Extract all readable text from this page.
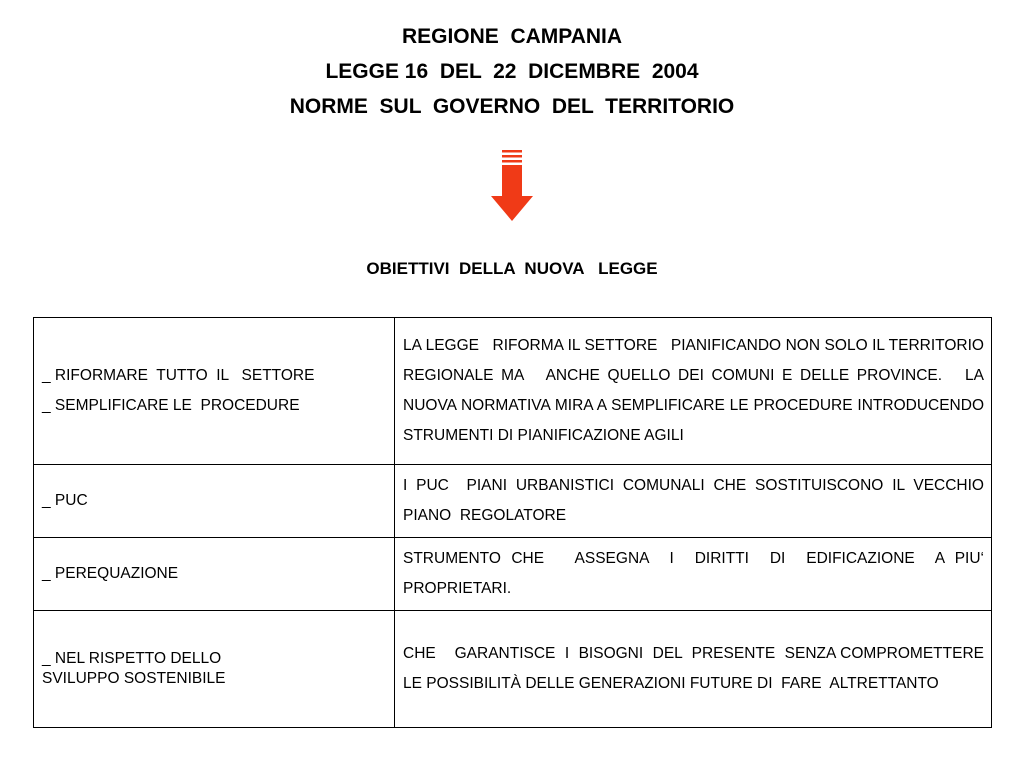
REGIONE  CAMPANIA
LEGGE 16  DEL  22  DICEMBRE  2004
NORME  SUL  GOVERNO  DEL  TERRITORIO
OBIETTIVI  DELLA  NUOVA   LEGGE
_ RIFORMARE  TUTTO  IL   SETTORE
_ SEMPLIFICARE LE  PROCEDURE	LA LEGGE   RIFORMA IL SETTORE   PIANIFICANDO NON SOLO IL TERRITORIO REGIONALE MA   ANCHE QUELLO DEI COMUNI E DELLE PROVINCE.   LA NUOVA NORMATIVA MIRA A SEMPLIFICARE LE PROCEDURE INTRODUCENDO STRUMENTI DI PIANIFICAZIONE AGILI

_ PUC	I PUC  PIANI URBANISTICI COMUNALI CHE SOSTITUISCONO IL VECCHIO   PIANO  REGOLATORE

_ PEREQUAZIONE	STRUMENTO CHE   ASSEGNA  I  DIRITTI  DI  EDIFICAZIONE  A PIU‘   PROPRIETARI.

_ NEL RISPETTO DELLO
SVILUPPO SOSTENIBILE	CHE    GARANTISCE  I  BISOGNI  DEL  PRESENTE  SENZA COMPROMETTERE LE POSSIBILITÀ DELLE GENERAZIONI FUTURE DI  FARE  ALTRETTANTO
